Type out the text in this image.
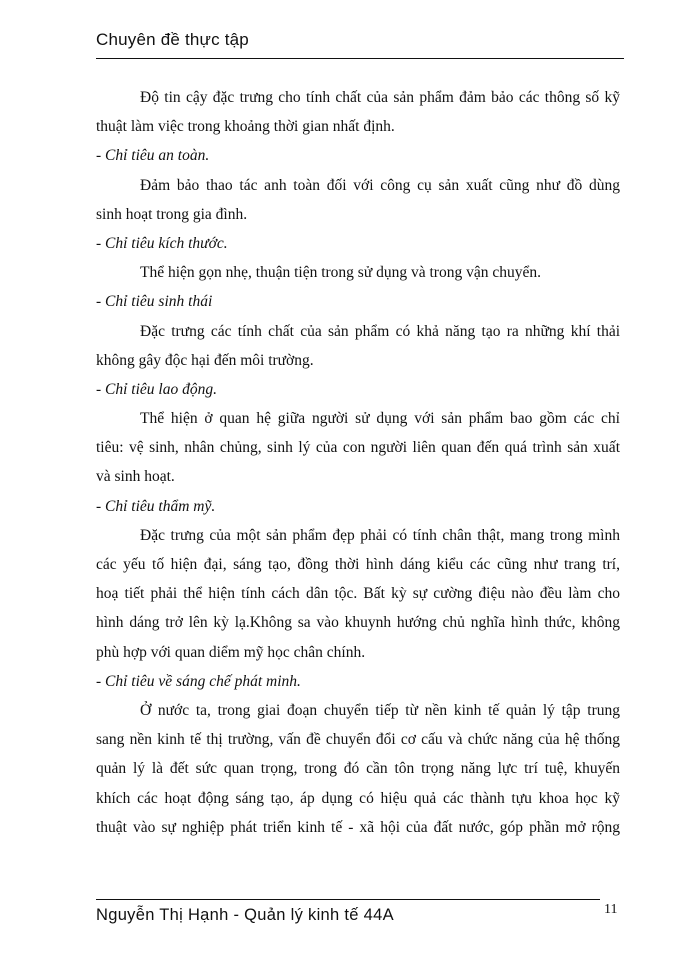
Chuyên đề thực tập
Độ tin cậy đặc trưng cho tính chất của sản phẩm đảm bảo các thông số kỹ
thuật làm việc trong khoảng thời gian nhất định.
- Chỉ tiêu an toàn.
Đảm bảo thao tác anh toàn đối với công cụ sản xuất cũng như đồ dùng
sinh hoạt trong gia đình.
- Chỉ tiêu kích thước.
Thể hiện gọn nhẹ, thuận tiện trong sử dụng và trong vận chuyển.
- Chỉ tiêu sinh thái
Đặc trưng các tính chất của sản phẩm có khả năng tạo ra những khí thải
không gây độc hại đến môi trường.
- Chỉ tiêu lao động.
Thể hiện ở quan hệ giữa người sử dụng với sản phẩm bao gồm các chỉ
tiêu: vệ sinh, nhân chủng, sinh lý của con người liên quan đến quá trình sản xuất
và sinh hoạt.
- Chỉ tiêu thẩm mỹ.
Đặc trưng của một sản phẩm đẹp phải có tính chân thật, mang trong mình
các yếu tố hiện đại, sáng tạo, đồng thời hình dáng kiểu các cũng như trang trí,
hoạ tiết phải thể hiện tính cách dân tộc. Bất kỳ sự cường điệu nào đều làm cho
hình dáng trở lên kỳ lạ.Không sa vào khuynh hướng chủ nghĩa hình thức, không
phù hợp với quan diểm mỹ học chân chính.
- Chỉ tiêu về sáng chế phát minh.
Ở nước ta, trong giai đoạn chuyển tiếp từ nền kinh tế quản lý tập trung
sang nền kinh tế thị trường, vấn đề chuyển đổi cơ cấu và chức năng của hệ thống
quản lý là đết sức quan trọng, trong đó cần tôn trọng năng lực trí tuệ, khuyến
khích các hoạt động sáng tạo, áp dụng có hiệu quả các thành tựu khoa học kỹ
thuật vào sự nghiệp phát triển kinh tế - xã hội của đất nước, góp phần mở rộng
Nguyễn Thị Hạnh - Quản lý kinh tế 44A	11
